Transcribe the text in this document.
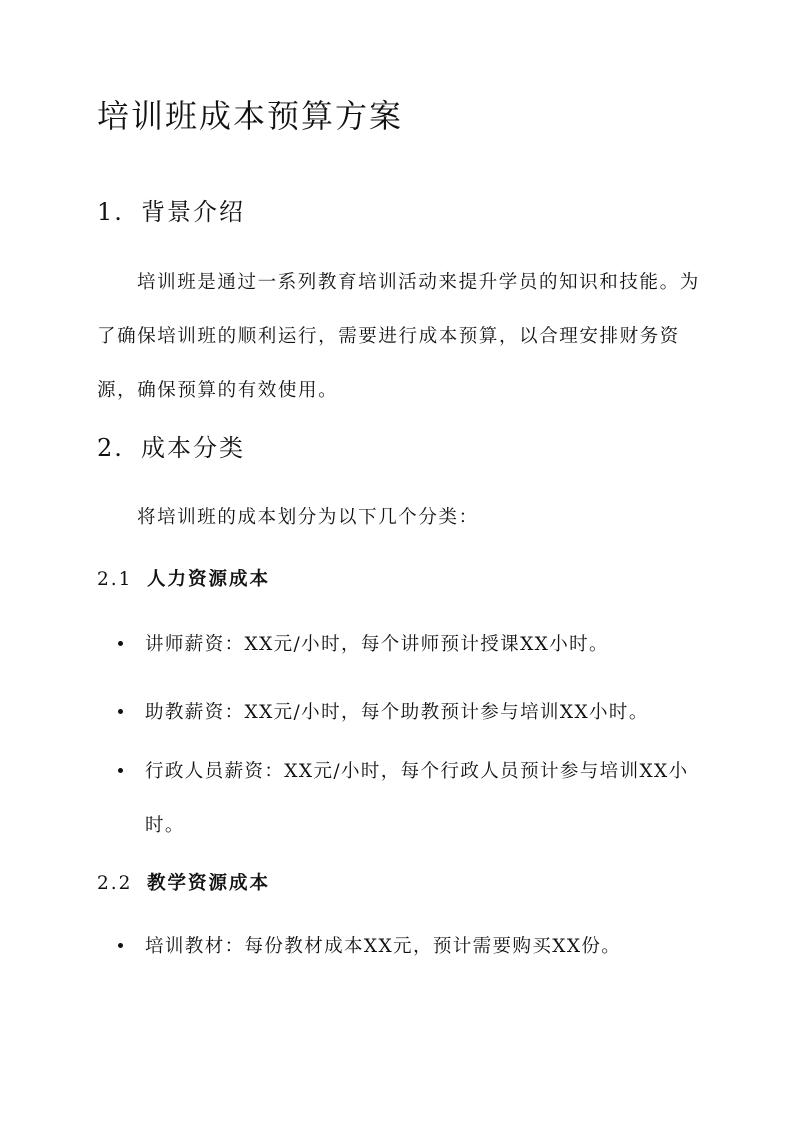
培训班成本预算方案
1. 背景介绍
培训班是通过一系列教育培训活动来提升学员的知识和技能。为了确保培训班的顺利运行，需要进行成本预算，以合理安排财务资源，确保预算的有效使用。
2. 成本分类
将培训班的成本划分为以下几个分类：
2.1 人力资源成本
讲师薪资：XX元/小时，每个讲师预计授课XX小时。
助教薪资：XX元/小时，每个助教预计参与培训XX小时。
行政人员薪资：XX元/小时，每个行政人员预计参与培训XX小时。
2.2 教学资源成本
培训教材：每份教材成本XX元，预计需要购买XX份。
